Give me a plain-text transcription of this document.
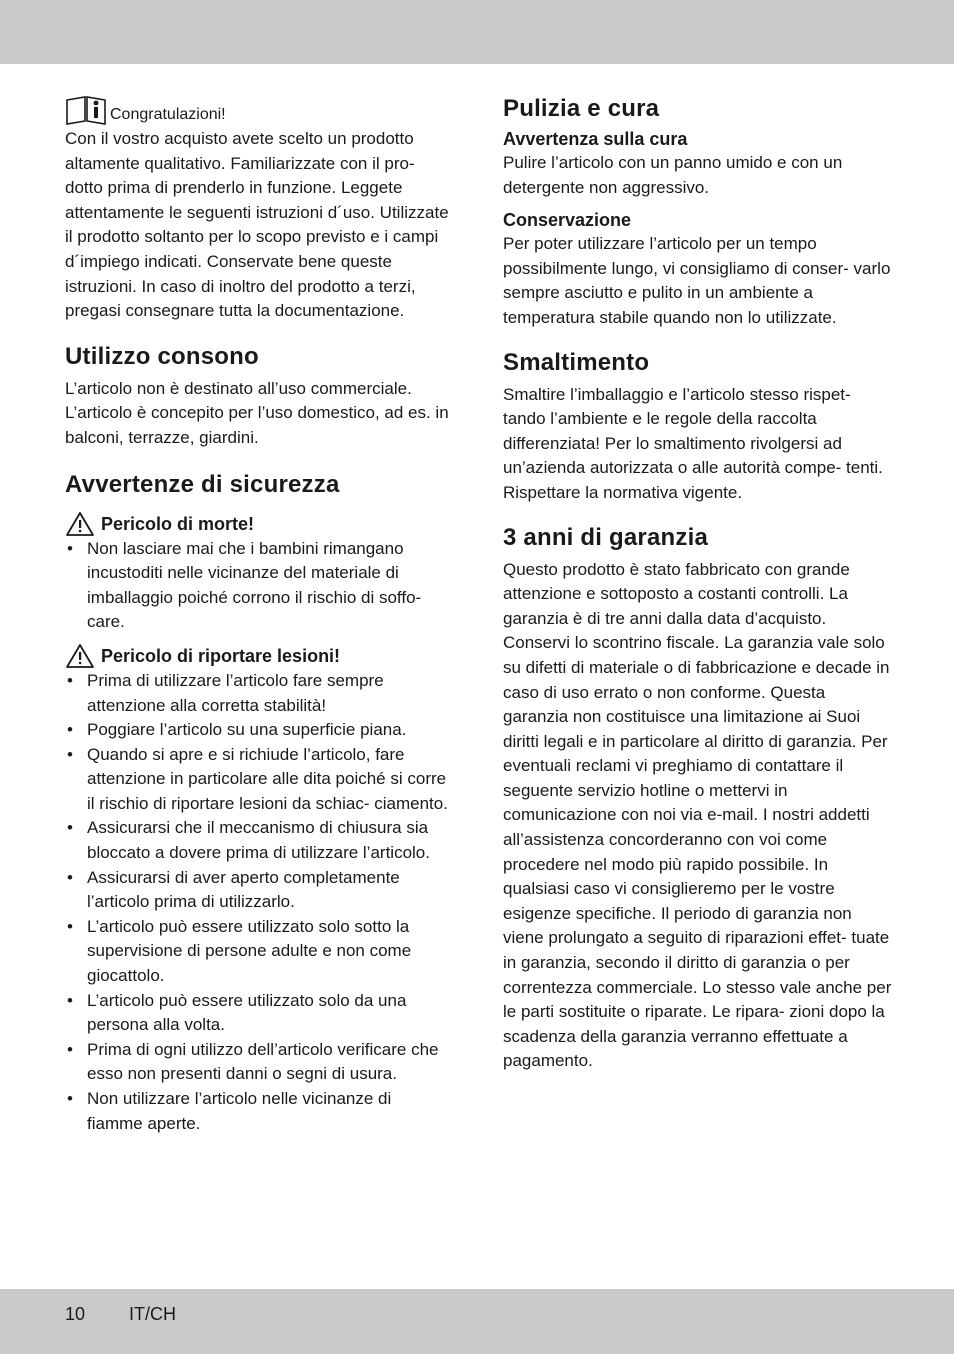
Congratulazioni!

Con il vostro acquisto avete scelto un prodotto altamente qualitativo. Familiarizzate con il pro- dotto prima di prenderlo in funzione. Leggete attentamente le seguenti istruzioni d´uso. Utilizzate il prodotto soltanto per lo scopo previsto e i campi d´impiego indicati. Conservate bene queste istruzioni. In caso di inoltro del prodotto a terzi, pregasi consegnare tutta la documentazione.

Utilizzo consono

L’articolo non è destinato all’uso commerciale. L’articolo è concepito per l’uso domestico, ad es. in balconi, terrazze, giardini.

Avvertenze di sicurezza
Pericolo di morte!
• Non lasciare mai che i bambini rimangano incustoditi nelle vicinanze del materiale di imballaggio poiché corrono il rischio di soffo- care.
Pericolo di riportare lesioni!
• Prima di utilizzare l’articolo fare sempre attenzione alla corretta stabilità!
• Poggiare l’articolo su una superficie piana.
• Quando si apre e si richiude l’articolo, fare attenzione in particolare alle dita poiché si corre il rischio di riportare lesioni da schiac- ciamento.
• Assicurarsi che il meccanismo di chiusura sia bloccato a dovere prima di utilizzare l’articolo.
• Assicurarsi di aver aperto completamente l’articolo prima di utilizzarlo.
• L’articolo può essere utilizzato solo sotto la supervisione di persone adulte e non come giocattolo.
• L’articolo può essere utilizzato solo da una persona alla volta.
• Prima di ogni utilizzo dell’articolo verificare che esso non presenti danni o segni di usura.
• Non utilizzare l’articolo nelle vicinanze di fiamme aperte.
Pulizia e cura
Avvertenza sulla cura

Pulire l’articolo con un panno umido e con un detergente non aggressivo.

Conservazione

Per poter utilizzare l’articolo per un tempo possibilmente lungo, vi consigliamo di conser- varlo sempre asciutto e pulito in un ambiente a temperatura stabile quando non lo utilizzate.

Smaltimento

Smaltire l’imballaggio e l’articolo stesso rispet- tando l’ambiente e le regole della raccolta differenziata! Per lo smaltimento rivolgersi ad un’azienda autorizzata o alle autorità compe- tenti. Rispettare la normativa vigente.

3 anni di garanzia

Questo prodotto è stato fabbricato con grande attenzione e sottoposto a costanti controlli. La garanzia è di tre anni dalla data d’acquisto. Conservi lo scontrino fiscale. La garanzia vale solo su difetti di materiale o di fabbricazione e decade in caso di uso errato o non conforme. Questa garanzia non costituisce una limitazione ai Suoi diritti legali e in particolare al diritto di garanzia. Per eventuali reclami vi preghiamo di contattare il seguente servizio hotline o mettervi in comunicazione con noi via e-mail. I nostri addetti all’assistenza concorderanno con voi come procedere nel modo più rapido possibile. In qualsiasi caso vi consiglieremo per le vostre esigenze specifiche. Il periodo di garanzia non viene prolungato a seguito di riparazioni effet- tuate in garanzia, secondo il diritto di garanzia o per correntezza commerciale. Lo stesso vale anche per le parti sostituite o riparate. Le ripara- zioni dopo la scadenza della garanzia verranno effettuate a pagamento.

10 IT/CH
